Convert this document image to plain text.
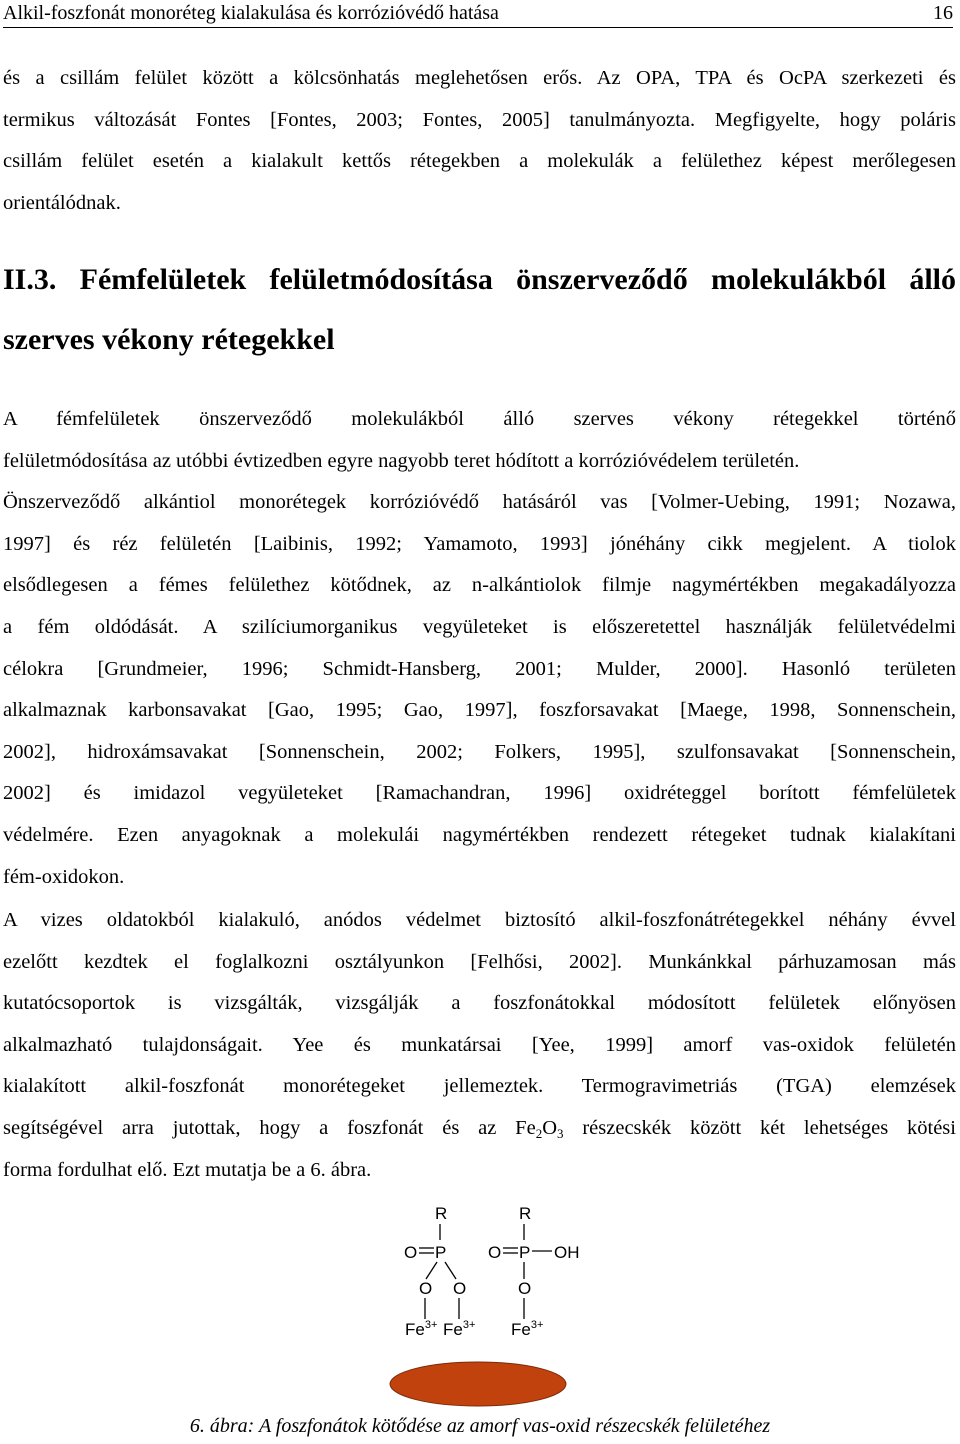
Alkil-foszfonát monoréteg kialakulása és korrózióvédő hatása	16
és a csillám felület között a kölcsönhatás meglehetősen erős. Az OPA, TPA és OcPA szerkezeti és
termikus változását Fontes [Fontes, 2003; Fontes, 2005] tanulmányozta. Megfigyelte, hogy poláris
csillám felület esetén a kialakult kettős rétegekben a molekulák a felülethez képest merőlegesen
orientálódnak.
II.3. Fémfelületek felületmódosítása önszerveződő molekulákból álló
szerves vékony rétegekkel
A fémfelületek önszerveződő molekulákból álló szerves vékony rétegekkel történő
felületmódosítása az utóbbi évtizedben egyre nagyobb teret hódított a korrózióvédelem területén.
Önszerveződő alkántiol monorétegek korrózióvédő hatásáról vas [Volmer-Uebing, 1991; Nozawa,
1997] és réz felületén [Laibinis, 1992; Yamamoto, 1993] jónéhány cikk megjelent. A tiolok
elsődlegesen a fémes felülethez kötődnek, az n-alkántiolok filmje nagymértékben megakadályozza
a fém oldódását. A szilíciumorganikus vegyületeket is előszeretettel használják felületvédelmi
célokra [Grundmeier, 1996; Schmidt-Hansberg, 2001; Mulder, 2000]. Hasonló területen
alkalmaznak karbonsavakat [Gao, 1995; Gao, 1997], foszforsavakat [Maege, 1998, Sonnenschein,
2002], hidroxámsavakat [Sonnenschein, 2002; Folkers, 1995], szulfonsavakat [Sonnenschein,
2002] és imidazol vegyületeket [Ramachandran, 1996] oxidréteggel borított fémfelületek
védelmére. Ezen anyagoknak a molekulái nagymértékben rendezett rétegeket tudnak kialakítani
fém-oxidokon.
A vizes oldatokból kialakuló, anódos védelmet biztosító alkil-foszfonátrétegekkel néhány évvel
ezelőtt kezdtek el foglalkozni osztályunkon [Felhősi, 2002]. Munkánkkal párhuzamosan más
kutatócsoportok is vizsgálták, vizsgálják a foszfonátokkal módosított felületek előnyösen
alkalmazható tulajdonságait. Yee és munkatársai [Yee, 1999] amorf vas-oxidok felületén
kialakított alkil-foszfonát monorétegeket jellemeztek. Termogravimetriás (TGA) elemzések
segítségével arra jutottak, hogy a foszfonát és az $Fe_2O_3$ részecskék között két lehetséges kötési
forma fordulhat elő. Ezt mutatja be a 6. ábra.
R
O P
O O
$Fe^{3+}$ $Fe^{3+}$
R
O P OH
O
$Fe^{3+}$
6. ábra: A foszfonátok kötődése az amorf vas-oxid részecskék felületéhez
